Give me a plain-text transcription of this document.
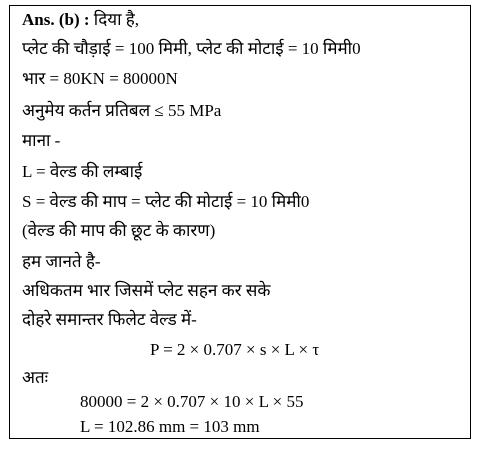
Ans. (b) : दिया है,
प्लेट की चौड़ाई = 100 मिमी, प्लेट की मोटाई = 10 मिमी0
भार = 80KN = 80000N
अनुमेय कर्तन प्रतिबल ≤ 55 MPa
माना -
L = वेल्ड की लम्बाई
S = वेल्ड की माप = प्लेट की मोटाई = 10 मिमी0
(वेल्ड की माप की छूट के कारण)
हम जानते है-
अधिकतम भार जिसमें प्लेट सहन कर सके
दोहरे समान्तर फिलेट वेल्ड में-
P = 2 × 0.707 × s × L × τ
अतः
80000 = 2 × 0.707 × 10 × L × 55
L = 102.86 mm = 103 mm
